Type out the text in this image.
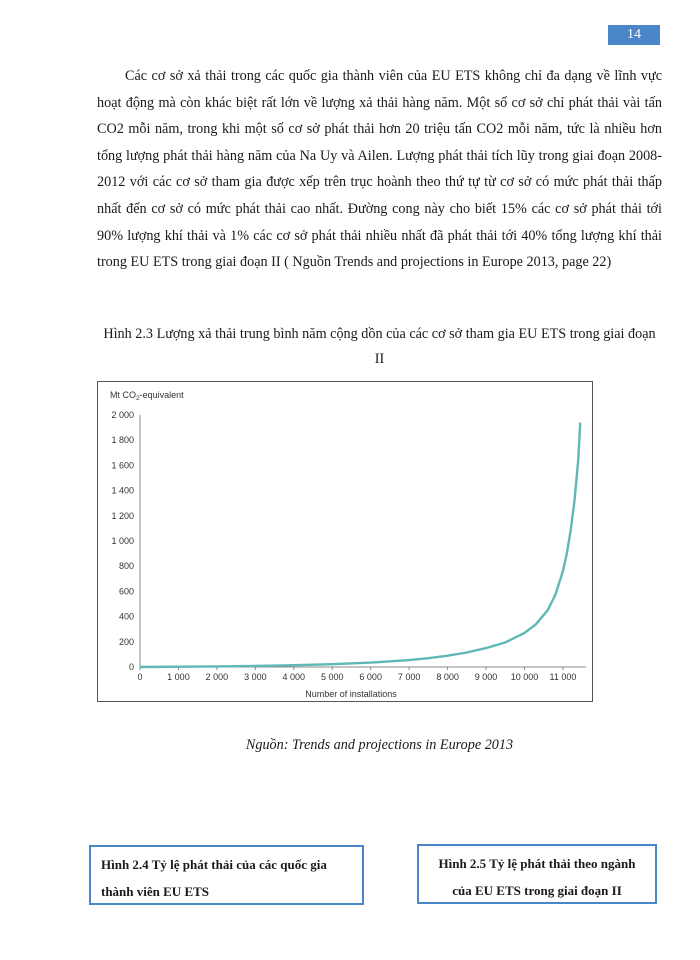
14

Các cơ sở xả thải trong các quốc gia thành viên của EU ETS không chỉ đa dạng về lĩnh vực hoạt động mà còn khác biệt rất lớn về lượng xả thải hàng năm. Một số cơ sở chỉ phát thải vài tấn CO2 mỗi năm, trong khi một số cơ sở phát thải hơn 20 triệu tấn CO2 mỗi năm, tức là nhiều hơn tổng lượng phát thải hàng năm của Na Uy và Ailen. Lượng phát thải tích lũy trong giai đoạn 2008-2012 với các cơ sở tham gia được xếp trên trục hoành theo thứ tự từ cơ sở có mức phát thải thấp nhất đến cơ sở có mức phát thải cao nhất. Đường cong này cho biết 15% các cơ sở phát thải tới 90% lượng khí thải và 1% các cơ sở phát thải nhiều nhất đã phát thải tới 40% tổng lượng khí thải trong EU ETS trong giai đoạn II ( Nguồn Trends and projections in Europe 2013, page 22)

Hình 2.3 Lượng xả thải trung bình năm cộng dồn của các cơ sở tham gia EU ETS trong giai đoạn II

Mt $CO_2$-equivalent
0
200
400
600
800
1 000
1 200
1 400
1 600
1 800
2 000
0	1 000 2 000 3 000 4 000 5 000 6 000 7 000 8 000 9 000 10 000 11 000
Number of installations

Nguồn: Trends and projections in Europe 2013

Hình 2.4 Tỷ lệ phát thải của các quốc gia thành viên EU ETS
Hình 2.5 Tỷ lệ phát thải theo ngành
của EU ETS trong giai đoạn II
